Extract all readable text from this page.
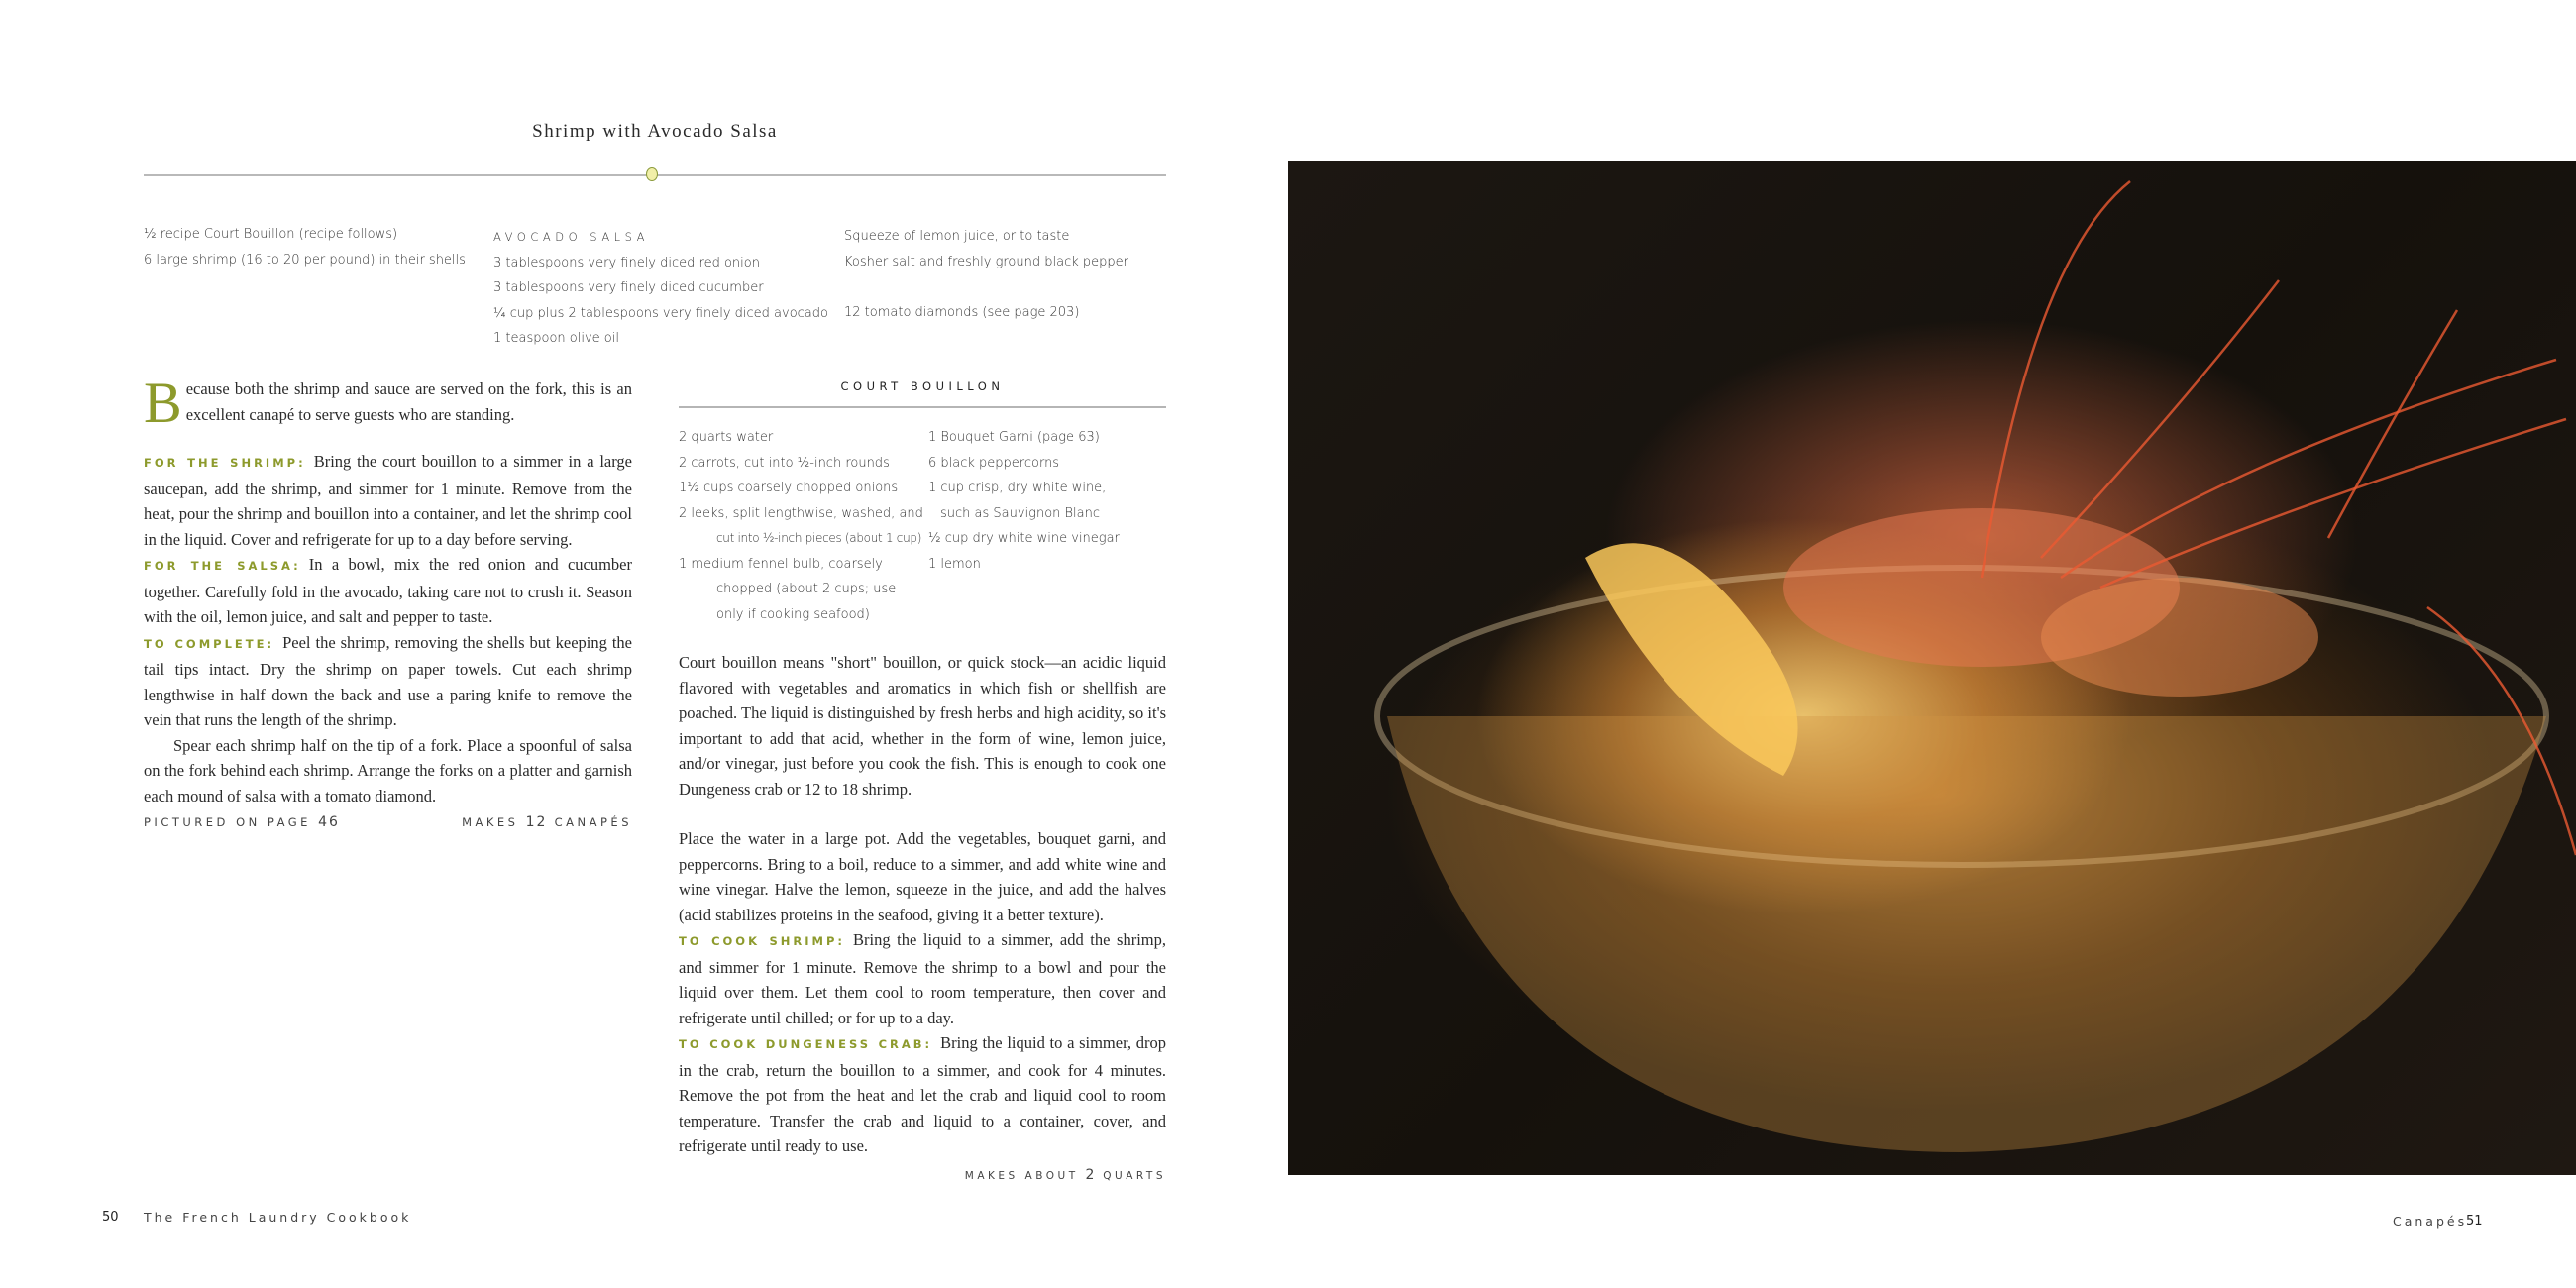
Shrimp with Avocado Salsa
½ recipe Court Bouillon (recipe follows)
6 large shrimp (16 to 20 per pound) in their shells
AVOCADO SALSA
3 tablespoons very finely diced red onion
3 tablespoons very finely diced cucumber
¼ cup plus 2 tablespoons very finely diced avocado
1 teaspoon olive oil
Squeeze of lemon juice, or to taste
Kosher salt and freshly ground black pepper
12 tomato diamonds (see page 203)

Because both the shrimp and sauce are served on the fork, this is an excellent canapé to serve guests who are standing.

FOR THE SHRIMP: Bring the court bouillon to a simmer in a large saucepan, add the shrimp, and simmer for 1 minute. Remove from the heat, pour the shrimp and bouillon into a container, and let the shrimp cool in the liquid. Cover and refrigerate for up to a day before serving.

FOR THE SALSA: In a bowl, mix the red onion and cucumber together. Carefully fold in the avocado, taking care not to crush it. Season with the oil, lemon juice, and salt and pepper to taste.

TO COMPLETE: Peel the shrimp, removing the shells but keeping the tail tips intact. Dry the shrimp on paper towels. Cut each shrimp lengthwise in half down the back and use a paring knife to remove the vein that runs the length of the shrimp.

Spear each shrimp half on the tip of a fork. Place a spoonful of salsa on the fork behind each shrimp. Arrange the forks on a platter and garnish each mound of salsa with a tomato diamond.

PICTURED ON PAGE 46	MAKES 12 CANAPÉS
COURT BOUILLON
2 quarts water
2 carrots, cut into ½-inch rounds
1½ cups coarsely chopped onions
2 leeks, split lengthwise, washed, and
cut into ½-inch pieces (about 1 cup)
1 medium fennel bulb, coarsely
chopped (about 2 cups; use
only if cooking seafood)
1 Bouquet Garni (page 63)
6 black peppercorns
1 cup crisp, dry white wine,
such as Sauvignon Blanc
½ cup dry white wine vinegar
1 lemon

Court bouillon means "short" bouillon, or quick stock—an acidic liquid flavored with vegetables and aromatics in which fish or shellfish are poached. The liquid is distinguished by fresh herbs and high acidity, so it's important to add that acid, whether in the form of wine, lemon juice, and/or vinegar, just before you cook the fish. This is enough to cook one Dungeness crab or 12 to 18 shrimp.

Place the water in a large pot. Add the vegetables, bouquet garni, and peppercorns. Bring to a boil, reduce to a simmer, and add white wine and wine vinegar. Halve the lemon, squeeze in the juice, and add the halves (acid stabilizes proteins in the seafood, giving it a better texture).

TO COOK SHRIMP: Bring the liquid to a simmer, add the shrimp, and simmer for 1 minute. Remove the shrimp to a bowl and pour the liquid over them. Let them cool to room temperature, then cover and refrigerate until chilled; or for up to a day.

TO COOK DUNGENESS CRAB: Bring the liquid to a simmer, drop in the crab, return the bouillon to a simmer, and cook for 4 minutes. Remove the pot from the heat and let the crab and liquid cool to room temperature. Transfer the crab and liquid to a container, cover, and refrigerate until ready to use.

MAKES ABOUT 2 QUARTS
50 The French Laundry Cookbook	Canapés
51
